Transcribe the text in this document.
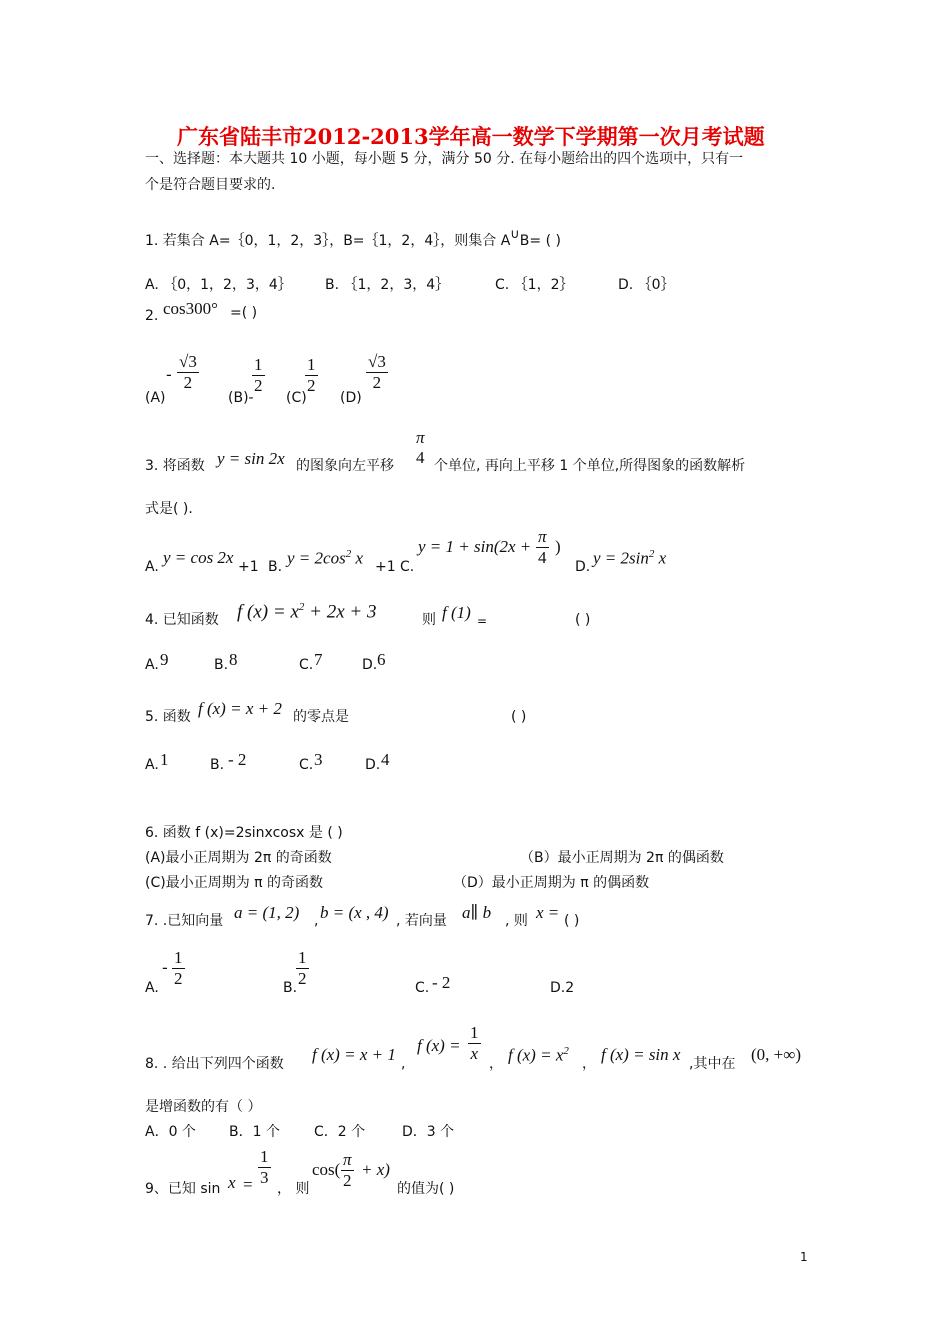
广东省陆丰市2012-2013学年高一数学下学期第一次月考试题
一、选择题：本大题共 10 小题，每小题 5 分，满分 50 分. 在每小题给出的四个选项中，只有一
个是符合题目要求的.
1. 若集合 A=｛0，1，2，3｝，B=｛1，2，4｝，则集合 A∪B= ( )
A. ｛0，1，2，3，4｝ B. ｛1，2，3，4｝	C. ｛1，2｝	D. ｛0｝
2. cos300° =( )
(A)
- $\frac{√3}{2}$
(B)-
$\frac{1}{2}$
(C)
$\frac{1}{2}$
(D)
$\frac{√3}{2}$
3. 将函数 y = sin 2x 的图象向左平移
π
4 个单位, 再向上平移 1 个单位,所得图象的函数解析
式是( ).
A. y = cos 2x +1 B. $y = 2\cos^2$ x +1 C.
$y = 1 + \sin(2x + \frac{\pi}{4}$ )
D. $y = 2\sin^2$ x
4. 已知函数 f $(x) = x^2 + 2x + 3$	则 f (1) =	( )
A. 9	B. 8	C. 7	D. 6
5. 函数 f (x) = x + 2 的零点是	( )
A. 1	B. - 2	C. 3	D. 4
6. 函数 f (x)=2sinxcosx 是 ( )
(A)最小正周期为 2π 的奇函数	（B）最小正周期为 2π 的偶函数
(C)最小正周期为 π 的奇函数	（D）最小正周期为 π 的偶函数
7. .已知向量 a = (1, 2) , b = (x , 4) , 若向量 a∥ b , 则 x = ( )
A.
- $\frac{1}{2}$	B.
$\frac{1}{2}$	C. - 2	D.2
8. . 给出下列四个函数 f (x) = x + 1 ,
f $(x) = \frac{1}{x}$
， f $(x) = x^2$
， f (x) = sin x ,其中在 (0, +∞)
是增函数的有（ ）
A．0 个 B．1 个 C．2 个	D．3 个
9、已知 $\sin x = \frac{1}{3}$
， 则
$\cos( \frac{\pi}{2} + x)$
的值为( )
1
